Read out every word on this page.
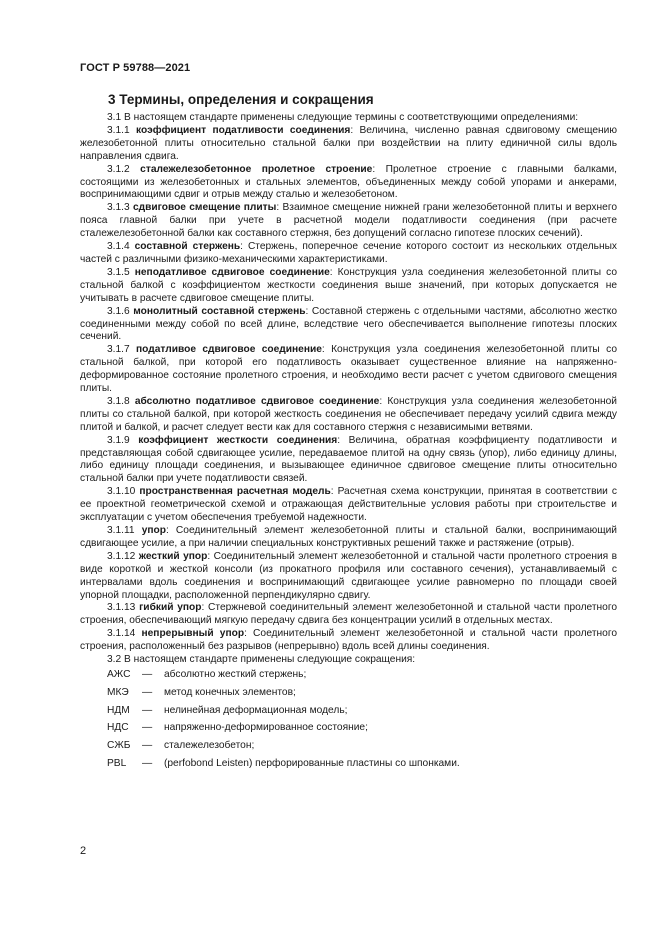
ГОСТ Р 59788—2021
3 Термины, определения и сокращения

3.1 В настоящем стандарте применены следующие термины с соответствующими определениями:

3.1.1 коэффициент податливости соединения: Величина, численно равная сдвиговому смещению железобетонной плиты относительно стальной балки при воздействии на плиту единичной силы вдоль направления сдвига.

3.1.2 сталежелезобетонное пролетное строение: Пролетное строение с главными балками, состоящими из железобетонных и стальных элементов, объединенных между собой упорами и анкерами, воспринимающими сдвиг и отрыв между сталью и железобетоном.

3.1.3 сдвиговое смещение плиты: Взаимное смещение нижней грани железобетонной плиты и верхнего пояса главной балки при учете в расчетной модели податливости соединения (при расчете сталежелезобетонной балки как составного стержня, без допущений согласно гипотезе плоских сечений).

3.1.4 составной стержень: Стержень, поперечное сечение которого состоит из нескольких отдельных частей с различными физико-механическими характеристиками.

3.1.5 неподатливое сдвиговое соединение: Конструкция узла соединения железобетонной плиты со стальной балкой с коэффициентом жесткости соединения выше значений, при которых допускается не учитывать в расчете сдвиговое смещение плиты.

3.1.6 монолитный составной стержень: Составной стержень с отдельными частями, абсолютно жестко соединенными между собой по всей длине, вследствие чего обеспечивается выполнение гипотезы плоских сечений.

3.1.7 податливое сдвиговое соединение: Конструкция узла соединения железобетонной плиты со стальной балкой, при которой его податливость оказывает существенное влияние на напряженно-деформированное состояние пролетного строения, и необходимо вести расчет с учетом сдвигового смещения плиты.

3.1.8 абсолютно податливое сдвиговое соединение: Конструкция узла соединения железобетонной плиты со стальной балкой, при которой жесткость соединения не обеспечивает передачу усилий сдвига между плитой и балкой, и расчет следует вести как для составного стержня с независимыми ветвями.

3.1.9 коэффициент жесткости соединения: Величина, обратная коэффициенту податливости и представляющая собой сдвигающее усилие, передаваемое плитой на одну связь (упор), либо единицу длины, либо единицу площади соединения, и вызывающее единичное сдвиговое смещение плиты относительно стальной балки при учете податливости связей.

3.1.10 пространственная расчетная модель: Расчетная схема конструкции, принятая в соответствии с ее проектной геометрической схемой и отражающая действительные условия работы при строительстве и эксплуатации с учетом обеспечения требуемой надежности.

3.1.11 упор: Соединительный элемент железобетонной плиты и стальной балки, воспринимающий сдвигающее усилие, а при наличии специальных конструктивных решений также и растяжение (отрыв).

3.1.12 жесткий упор: Соединительный элемент железобетонной и стальной части пролетного строения в виде короткой и жесткой консоли (из прокатного профиля или составного сечения), устанавливаемый с интервалами вдоль соединения и воспринимающий сдвигающее усилие равномерно по площади своей упорной площадки, расположенной перпендикулярно сдвигу.

3.1.13 гибкий упор: Стержневой соединительный элемент железобетонной и стальной части пролетного строения, обеспечивающий мягкую передачу сдвига без концентрации усилий в отдельных местах.

3.1.14 непрерывный упор: Соединительный элемент железобетонной и стальной части пролетного строения, расположенный без разрывов (непрерывно) вдоль всей длины соединения.

3.2 В настоящем стандарте применены следующие сокращения:

	АЖС	—	абсолютно жесткий стержень;
	МКЭ	—	метод конечных элементов;
	НДМ	—	нелинейная деформационная модель;
	НДС	—	напряженно-деформированное состояние;
	СЖБ	—	сталежелезобетон;
	PBL	—	(perfobond Leisten) перфорированные пластины со шпонками.
2
